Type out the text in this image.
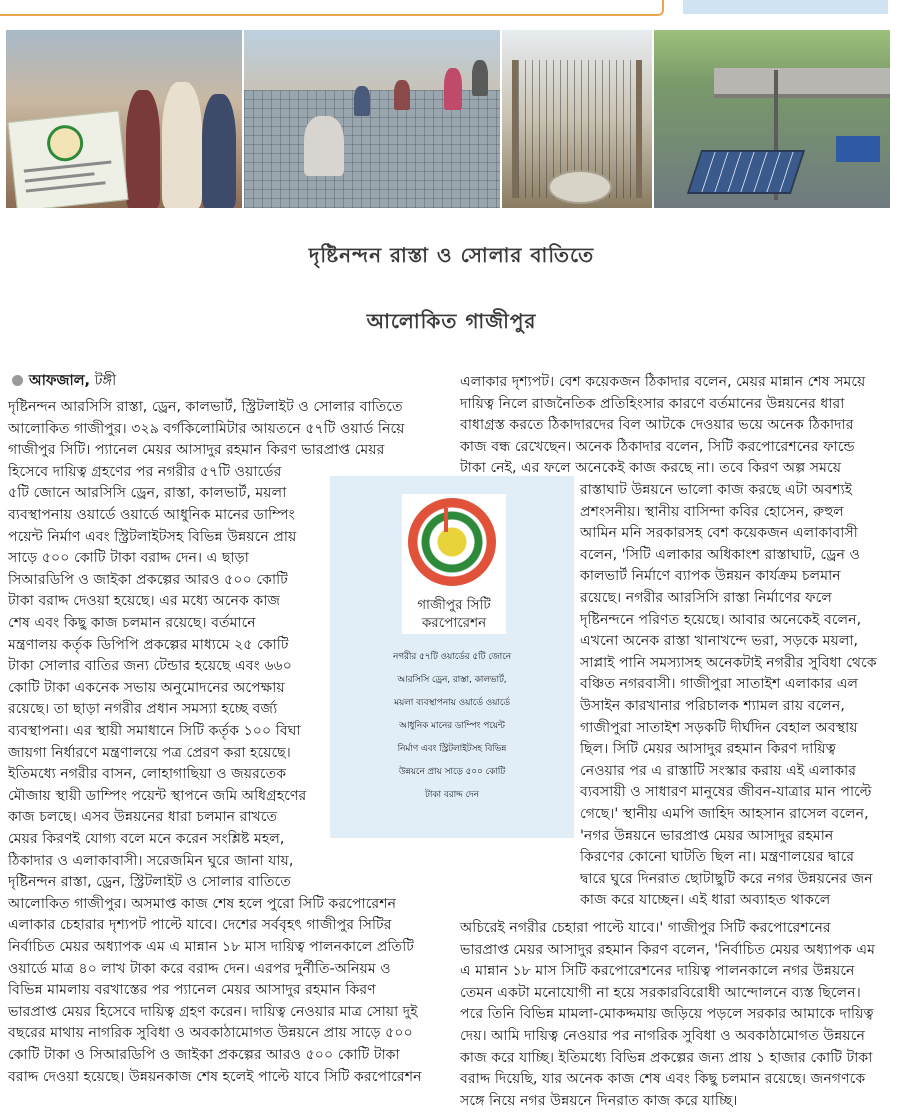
দৃষ্টিনন্দন রাস্তা ও সোলার বাতিতে
আলোকিত গাজীপুর
আফজাল, টঙ্গী
দৃষ্টিনন্দন আরসিসি রাস্তা, ড্রেন, কালভার্ট, স্ট্রিটলাইট ও সোলার বাতিতে
আলোকিত গাজীপুর। ৩২৯ বর্গকিলোমিটার আয়তনে ৫৭টি ওয়ার্ড নিয়ে
গাজীপুর সিটি। প্যানেল মেয়র আসাদুর রহমান কিরণ ভারপ্রাপ্ত মেয়র
হিসেবে দায়িত্ব গ্রহণের পর নগরীর ৫৭টি ওয়ার্ডের
৫টি জোনে আরসিসি ড্রেন, রাস্তা, কালভার্ট, ময়লা
ব্যবস্থাপনায় ওয়ার্ডে ওয়ার্ডে আধুনিক মানের ডাম্পিং
পয়েন্ট নির্মাণ এবং স্ট্রিটলাইটসহ বিভিন্ন উন্নয়নে প্রায়
সাড়ে ৫০০ কোটি টাকা বরাদ্দ দেন। এ ছাড়া
সিআরডিপি ও জাইকা প্রকল্পের আরও ৫০০ কোটি
টাকা বরাদ্দ দেওয়া হয়েছে। এর মধ্যে অনেক কাজ
শেষ এবং কিছু কাজ চলমান রয়েছে। বর্তমানে
মন্ত্রণালয় কর্তৃক ডিপিপি প্রকল্পের মাধ্যমে ২৫ কোটি
টাকা সোলার বাতির জন্য টেন্ডার হয়েছে এবং ৬৬০
কোটি টাকা একনেক সভায় অনুমোদনের অপেক্ষায়
রয়েছে। তা ছাড়া নগরীর প্রধান সমস্যা হচ্ছে বর্জ্য
ব্যবস্থাপনা। এর স্থায়ী সমাধানে সিটি কর্তৃক ১০০ বিঘা
জায়গা নির্ধারণে মন্ত্রণালয়ে পত্র প্রেরণ করা হয়েছে।
ইতিমধ্যে নগরীর বাসন, লোহাগাছিয়া ও জয়রতেক
মৌজায় স্থায়ী ডাম্পিং পয়েন্ট স্থাপনে জমি অধিগ্রহণের
কাজ চলছে। এসব উন্নয়নের ধারা চলমান রাখতে
মেয়র কিরণই যোগ্য বলে মনে করেন সংশ্লিষ্ট মহল,
ঠিকাদার ও এলাকাবাসী। সরেজমিন ঘুরে জানা যায়,
দৃষ্টিনন্দন রাস্তা, ড্রেন, স্ট্রিটলাইট ও সোলার বাতিতে
আলোকিত গাজীপুর। অসমাপ্ত কাজ শেষ হলে পুরো সিটি করপোরেশন
এলাকার চেহারার দৃশ্যপট পাল্টে যাবে। দেশের সর্ববৃহৎ গাজীপুর সিটির
নির্বাচিত মেয়র অধ্যাপক এম এ মান্নান ১৮ মাস দায়িত্ব পালনকালে প্রতিটি
ওয়ার্ডে মাত্র ৪০ লাখ টাকা করে বরাদ্দ দেন। এরপর দুর্নীতি-অনিয়ম ও
বিভিন্ন মামলায় বরখাস্তের পর প্যানেল মেয়র আসাদুর রহমান কিরণ
ভারপ্রাপ্ত মেয়র হিসেবে দায়িত্ব গ্রহণ করেন। দায়িত্ব নেওয়ার মাত্র সোয়া দুই
বছরের মাথায় নাগরিক সুবিধা ও অবকাঠামোগত উন্নয়নে প্রায় সাড়ে ৫০০
কোটি টাকা ও সিআরডিপি ও জাইকা প্রকল্পের আরও ৫০০ কোটি টাকা
বরাদ্দ দেওয়া হয়েছে। উন্নয়নকাজ শেষ হলেই পাল্টে যাবে সিটি করপোরেশন
এলাকার দৃশ্যপট। বেশ কয়েকজন ঠিকাদার বলেন, মেয়র মান্নান শেষ সময়ে
দায়িত্ব নিলে রাজনৈতিক প্রতিহিংসার কারণে বর্তমানের উন্নয়নের ধারা
বাধাগ্রস্ত করতে ঠিকাদারদের বিল আটকে দেওয়ার ভয়ে অনেক ঠিকাদার
কাজ বন্ধ রেখেছেন। অনেক ঠিকাদার বলেন, সিটি করপোরেশনের ফান্ডে
টাকা নেই, এর ফলে অনেকেই কাজ করছে না। তবে কিরণ অল্প সময়ে
রাস্তাঘাট উন্নয়নে ভালো কাজ করছে এটা অবশ্যই
প্রশংসনীয়। স্থানীয় বাসিন্দা কবির হোসেন, রুহুল
আমিন মনি সরকারসহ বেশ কয়েকজন এলাকাবাসী
বলেন, 'সিটি এলাকার অধিকাংশ রাস্তাঘাট, ড্রেন ও
কালভার্ট নির্মাণে ব্যাপক উন্নয়ন কার্যক্রম চলমান
রয়েছে। নগরীর আরসিসি রাস্তা নির্মাণের ফলে
দৃষ্টিনন্দনে পরিণত হয়েছে। আবার অনেকেই বলেন,
এখনো অনেক রাস্তা খানাখন্দে ভরা, সড়কে ময়লা,
সাপ্লাই পানি সমস্যাসহ অনেকটাই নগরীর সুবিধা থেকে
বঞ্চিত নগরবাসী। গাজীপুরা সাতাইশ এলাকার এল
উসাইন কারখানার পরিচালক শ্যামল রায় বলেন,
গাজীপুরা সাতাইশ সড়কটি দীর্ঘদিন বেহাল অবস্থায়
ছিল। সিটি মেয়র আসাদুর রহমান কিরণ দায়িত্ব
নেওয়ার পর এ রাস্তাটি সংস্কার করায় এই এলাকার
ব্যবসায়ী ও সাধারণ মানুষের জীবন-যাত্রার মান পাল্টে
গেছে।' স্থানীয় এমপি জাহিদ আহসান রাসেল বলেন,
'নগর উন্নয়নে ভারপ্রাপ্ত মেয়র আসাদুর রহমান
কিরণের কোনো ঘাটতি ছিল না। মন্ত্রণালয়ের দ্বারে
দ্বারে ঘুরে দিনরাত ছোটাছুটি করে নগর উন্নয়নের জন
কাজ করে যাচ্ছেন। এই ধারা অব্যাহত থাকলে
অচিরেই নগরীর চেহারা পাল্টে যাবে।' গাজীপুর সিটি করপোরেশনের
ভারপ্রাপ্ত মেয়র আসাদুর রহমান কিরণ বলেন, 'নির্বাচিত মেয়র অধ্যাপক এম
এ মান্নান ১৮ মাস সিটি করপোরেশনের দায়িত্ব পালনকালে নগর উন্নয়নে
তেমন একটা মনোযোগী না হয়ে সরকারবিরোধী আন্দোলনে ব্যস্ত ছিলেন।
পরে তিনি বিভিন্ন মামলা-মোকদ্দমায় জড়িয়ে পড়লে সরকার আমাকে দায়িত্ব
দেয়। আমি দায়িত্ব নেওয়ার পর নাগরিক সুবিধা ও অবকাঠামোগত উন্নয়নে
কাজ করে যাচ্ছি। ইতিমধ্যে বিভিন্ন প্রকল্পের জন্য প্রায় ১ হাজার কোটি টাকা
বরাদ্দ দিয়েছি, যার অনেক কাজ শেষ এবং কিছু চলমান রয়েছে। জনগণকে
সঙ্গে নিয়ে নগর উন্নয়নে দিনরাত কাজ করে যাচ্ছি।
গাজীপুর সিটি
করপোরেশন
নগরীর ৫৭টি ওয়ার্ডের ৫টি জোনে
আরসিসি ড্রেন, রাস্তা, কালভার্ট,
ময়লা ব্যবস্থাপনায় ওয়ার্ডে ওয়ার্ডে
আধুনিক মানের ডাম্পিং পয়েন্ট
নির্মাণ এবং স্ট্রিটলাইটসহ বিভিন্ন
উন্নয়নে প্রায় সাড়ে ৫০০ কোটি
টাকা বরাদ্দ দেন
